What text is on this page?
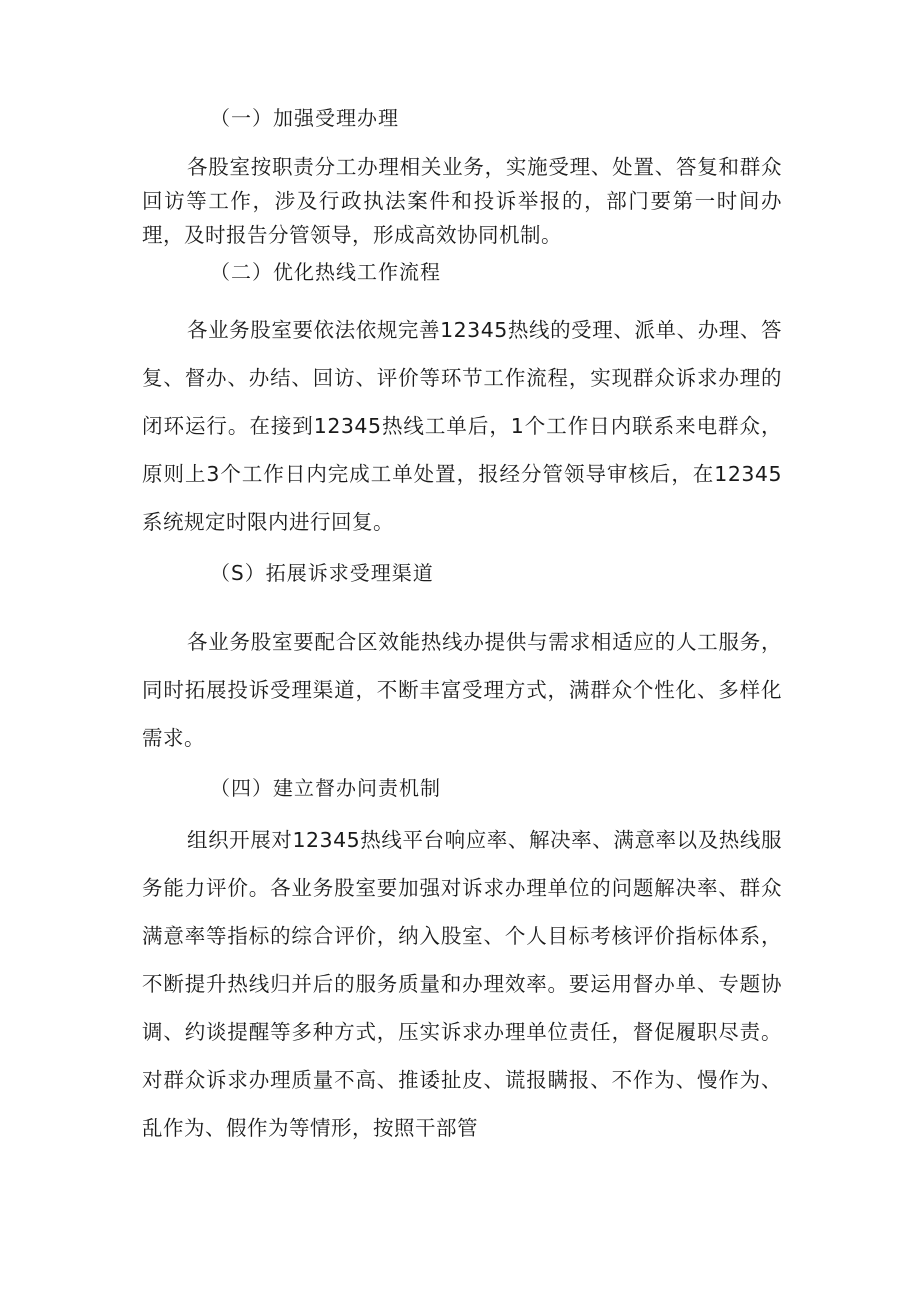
（一）加强受理办理

各股室按职责分工办理相关业务，实施受理、处置、答复和群众回访等工作，涉及行政执法案件和投诉举报的，部门要第一时间办理，及时报告分管领导，形成高效协同机制。

（二）优化热线工作流程

各业务股室要依法依规完善12345热线的受理、派单、办理、答复、督办、办结、回访、评价等环节工作流程，实现群众诉求办理的闭环运行。在接到12345热线工单后，1个工作日内联系来电群众，原则上3个工作日内完成工单处置，报经分管领导审核后，在12345系统规定时限内进行回复。

（S）拓展诉求受理渠道

各业务股室要配合区效能热线办提供与需求相适应的人工服务，同时拓展投诉受理渠道，不断丰富受理方式，满群众个性化、多样化需求。

（四）建立督办问责机制

组织开展对12345热线平台响应率、解决率、满意率以及热线服务能力评价。各业务股室要加强对诉求办理单位的问题解决率、群众满意率等指标的综合评价，纳入股室、个人目标考核评价指标体系，不断提升热线归并后的服务质量和办理效率。要运用督办单、专题协调、约谈提醒等多种方式，压实诉求办理单位责任，督促履职尽责。对群众诉求办理质量不高、推诿扯皮、谎报瞒报、不作为、慢作为、乱作为、假作为等情形，按照干部管
